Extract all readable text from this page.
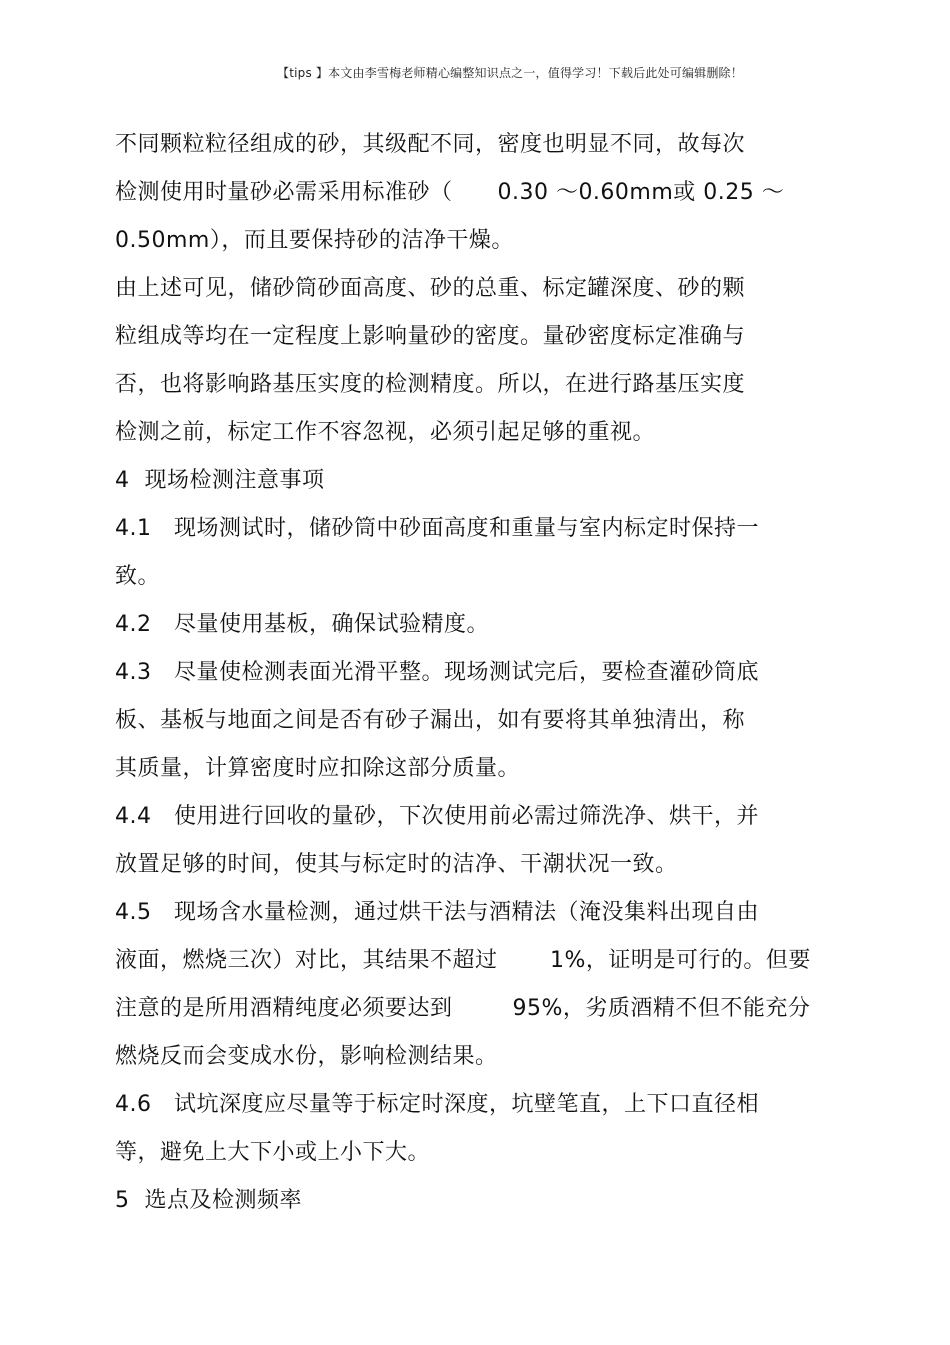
【tips 】本文由李雪梅老师精心编整知识点之一，值得学习！下载后此处可编辑删除！
不同颗粒粒径组成的砂，其级配不同，密度也明显不同，故每次
检测使用时量砂必需采用标准砂（      0.30 ～0.60mm或 0.25 ～
0.50mm），而且要保持砂的洁净干燥。
由上述可见，储砂筒砂面高度、砂的总重、标定罐深度、砂的颗
粒组成等均在一定程度上影响量砂的密度。量砂密度标定准确与
否，也将影响路基压实度的检测精度。所以，在进行路基压实度
检测之前，标定工作不容忽视，必须引起足够的重视。
4  现场检测注意事项
4.1   现场测试时，储砂筒中砂面高度和重量与室内标定时保持一
致。
4.2   尽量使用基板，确保试验精度。
4.3   尽量使检测表面光滑平整。现场测试完后，要检查灌砂筒底
板、基板与地面之间是否有砂子漏出，如有要将其单独清出，称
其质量，计算密度时应扣除这部分质量。
4.4   使用进行回收的量砂，下次使用前必需过筛洗净、烘干，并
放置足够的时间，使其与标定时的洁净、干潮状况一致。
4.5   现场含水量检测，通过烘干法与酒精法（淹没集料出现自由
液面，燃烧三次）对比，其结果不超过       1%，证明是可行的。但要
注意的是所用酒精纯度必须要达到        95%，劣质酒精不但不能充分
燃烧反而会变成水份，影响检测结果。
4.6   试坑深度应尽量等于标定时深度，坑壁笔直，上下口直径相
等，避免上大下小或上小下大。
5  选点及检测频率
